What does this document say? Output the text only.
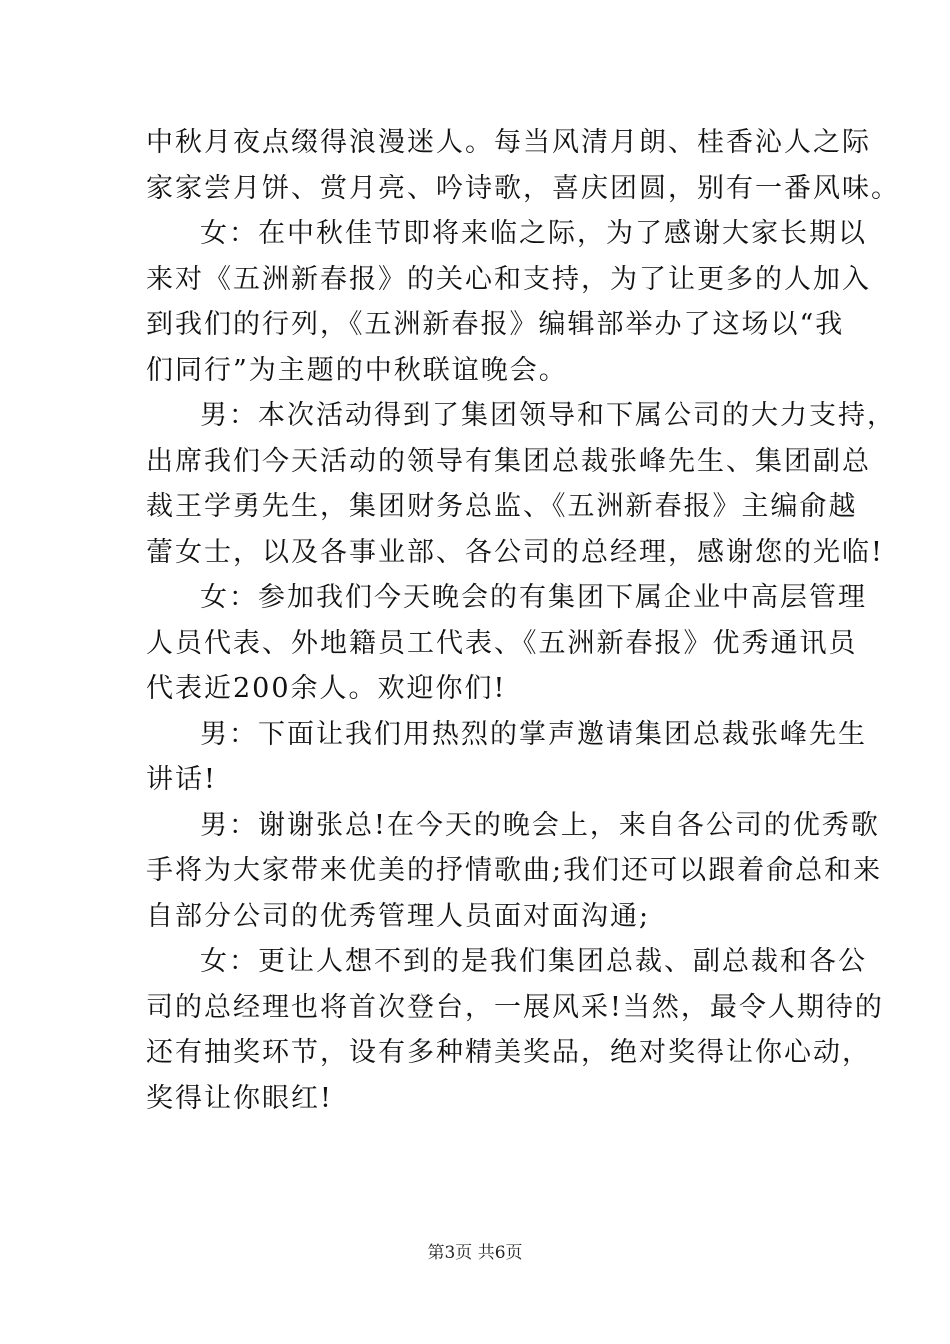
中秋月夜点缀得浪漫迷人。每当风清月朗、桂香沁人之际
家家尝月饼、赏月亮、吟诗歌，喜庆团圆，别有一番风味。
女：在中秋佳节即将来临之际，为了感谢大家长期以
来对《五洲新春报》的关心和支持，为了让更多的人加入
到我们的行列，《五洲新春报》编辑部举办了这场以“我
们同行”为主题的中秋联谊晚会。
男：本次活动得到了集团领导和下属公司的大力支持，
出席我们今天活动的领导有集团总裁张峰先生、集团副总
裁王学勇先生，集团财务总监、《五洲新春报》主编俞越
蕾女士，以及各事业部、各公司的总经理，感谢您的光临!
女：参加我们今天晚会的有集团下属企业中高层管理
人员代表、外地籍员工代表、《五洲新春报》优秀通讯员
代表近200余人。欢迎你们!
男：下面让我们用热烈的掌声邀请集团总裁张峰先生
讲话!
男：谢谢张总!在今天的晚会上，来自各公司的优秀歌
手将为大家带来优美的抒情歌曲;我们还可以跟着俞总和来
自部分公司的优秀管理人员面对面沟通;
女：更让人想不到的是我们集团总裁、副总裁和各公
司的总经理也将首次登台，一展风采!当然，最令人期待的
还有抽奖环节，设有多种精美奖品，绝对奖得让你心动，
奖得让你眼红!
第3页 共6页
